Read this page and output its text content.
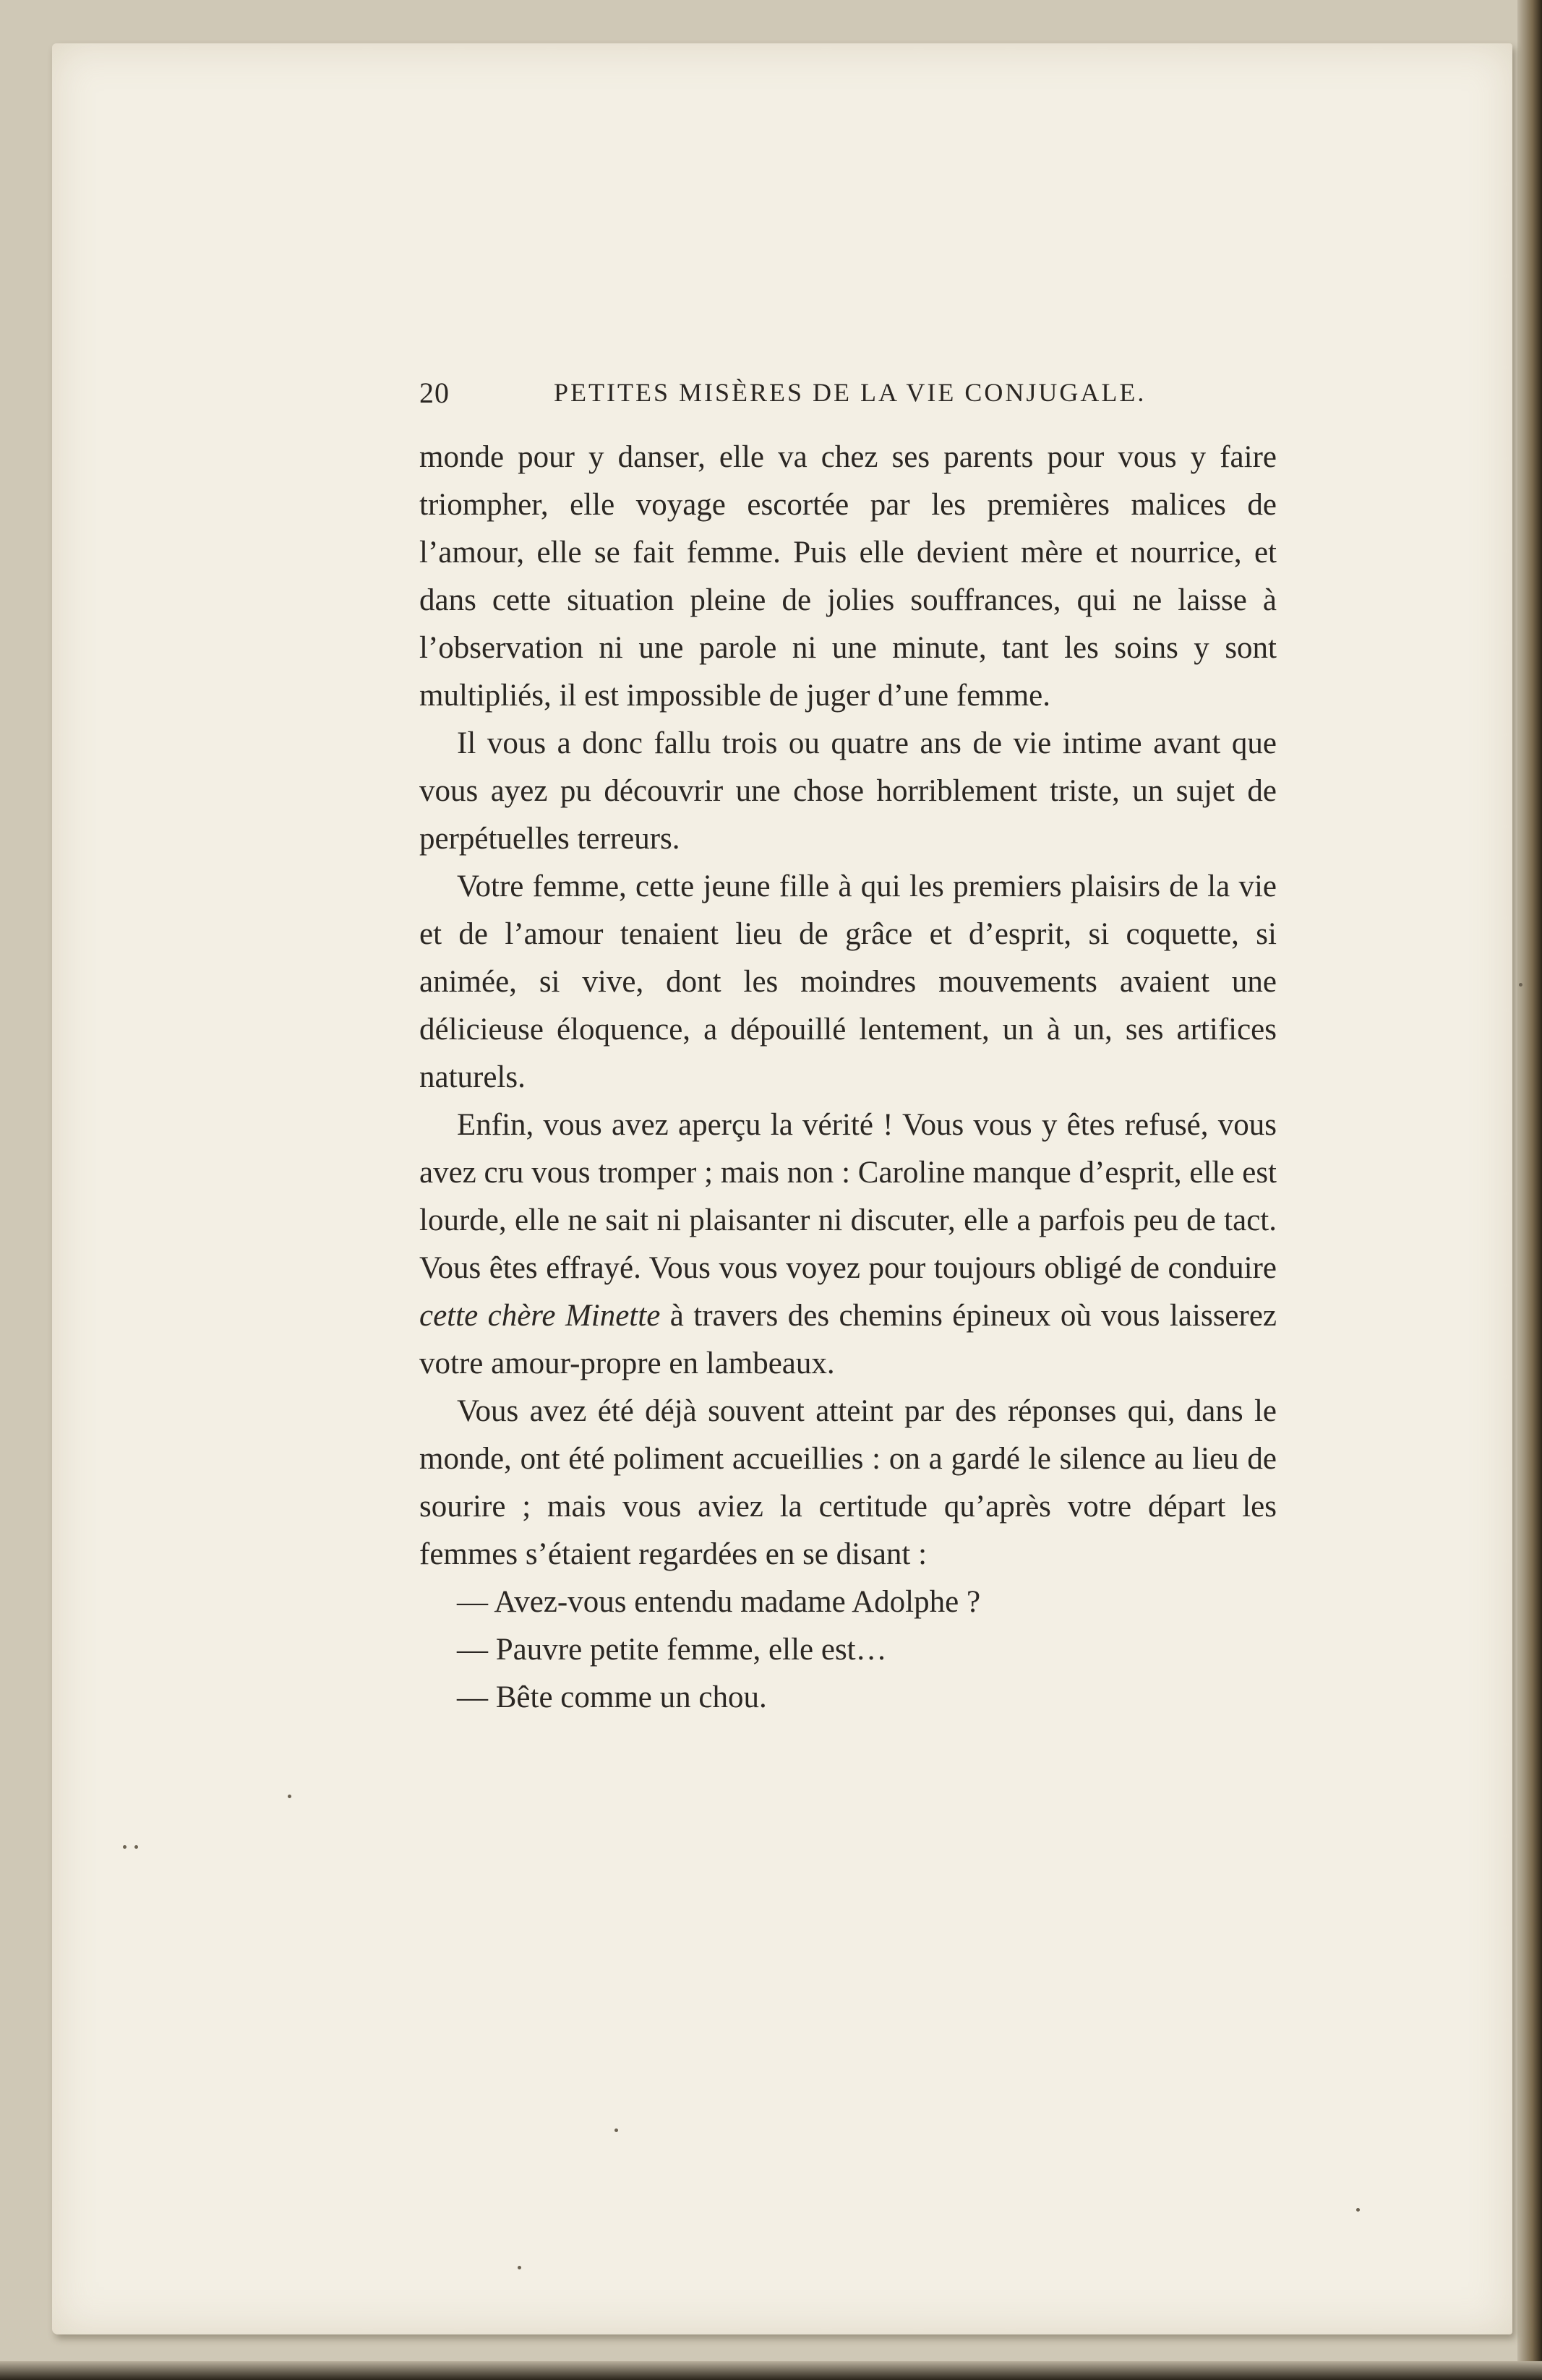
20	PETITES MISÈRES DE LA VIE CONJUGALE.

monde pour y danser, elle va chez ses parents pour vous y faire triompher, elle voyage escortée par les premières malices de l’amour, elle se fait femme. Puis elle devient mère et nourrice, et dans cette situation pleine de jolies souffrances, qui ne laisse à l’observation ni une parole ni une minute, tant les soins y sont multipliés, il est impossible de juger d’une femme.

Il vous a donc fallu trois ou quatre ans de vie intime avant que vous ayez pu découvrir une chose horriblement triste, un sujet de perpétuelles terreurs.

Votre femme, cette jeune fille à qui les premiers plaisirs de la vie et de l’amour tenaient lieu de grâce et d’esprit, si coquette, si animée, si vive, dont les moindres mouvements avaient une délicieuse éloquence, a dépouillé lentement, un à un, ses artifices naturels.

Enfin, vous avez aperçu la vérité ! Vous vous y êtes refusé, vous avez cru vous tromper ; mais non : Caroline manque d’esprit, elle est lourde, elle ne sait ni plaisanter ni discuter, elle a parfois peu de tact. Vous êtes effrayé. Vous vous voyez pour toujours obligé de conduire cette chère Minette à travers des chemins épineux où vous laisserez votre amour-propre en lambeaux.

Vous avez été déjà souvent atteint par des réponses qui, dans le monde, ont été poliment accueillies : on a gardé le silence au lieu de sourire ; mais vous aviez la certitude qu’après votre départ les femmes s’étaient regardées en se disant :

— Avez-vous entendu madame Adolphe ?

— Pauvre petite femme, elle est…

— Bête comme un chou.
